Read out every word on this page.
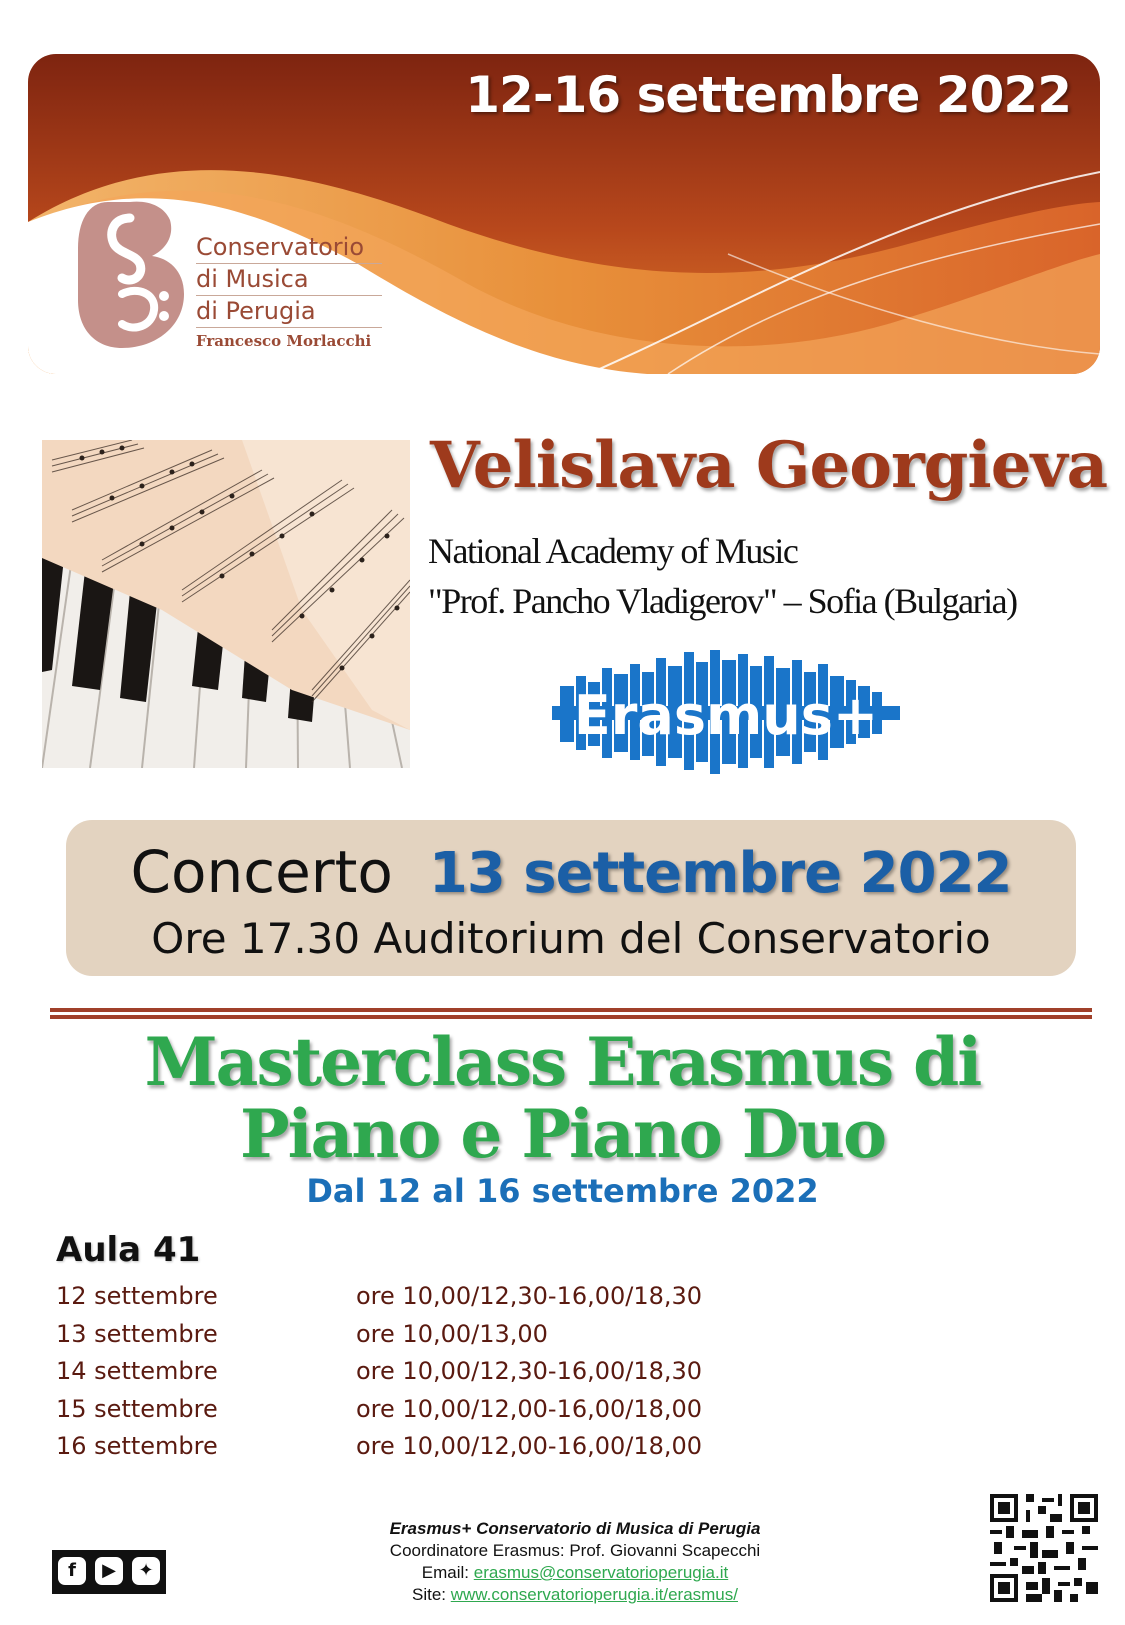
12-16 settembre 2022
Conservatorio
di Musica
di Perugia
Francesco Morlacchi
Velislava Georgieva
National Academy of Music
"Prof. Pancho Vladigerov" – Sofia (Bulgaria)
Erasmus+
Concerto 13 settembre 2022
Ore 17.30 Auditorium del Conservatorio
Masterclass Erasmus di
Piano e Piano Duo
Dal 12 al 16 settembre 2022
Aula 41
12 settembre	ore 10,00/12,30-16,00/18,30
13 settembre	ore 10,00/13,00
14 settembre	ore 10,00/12,30-16,00/18,30
15 settembre	ore 10,00/12,00-16,00/18,00
16 settembre	ore 10,00/12,00-16,00/18,00
f	▶	✦
Erasmus+ Conservatorio di Musica di Perugia
Coordinatore Erasmus: Prof. Giovanni Scapecchi
Email: erasmus@conservatorioperugia.it
Site: www.conservatorioperugia.it/erasmus/
